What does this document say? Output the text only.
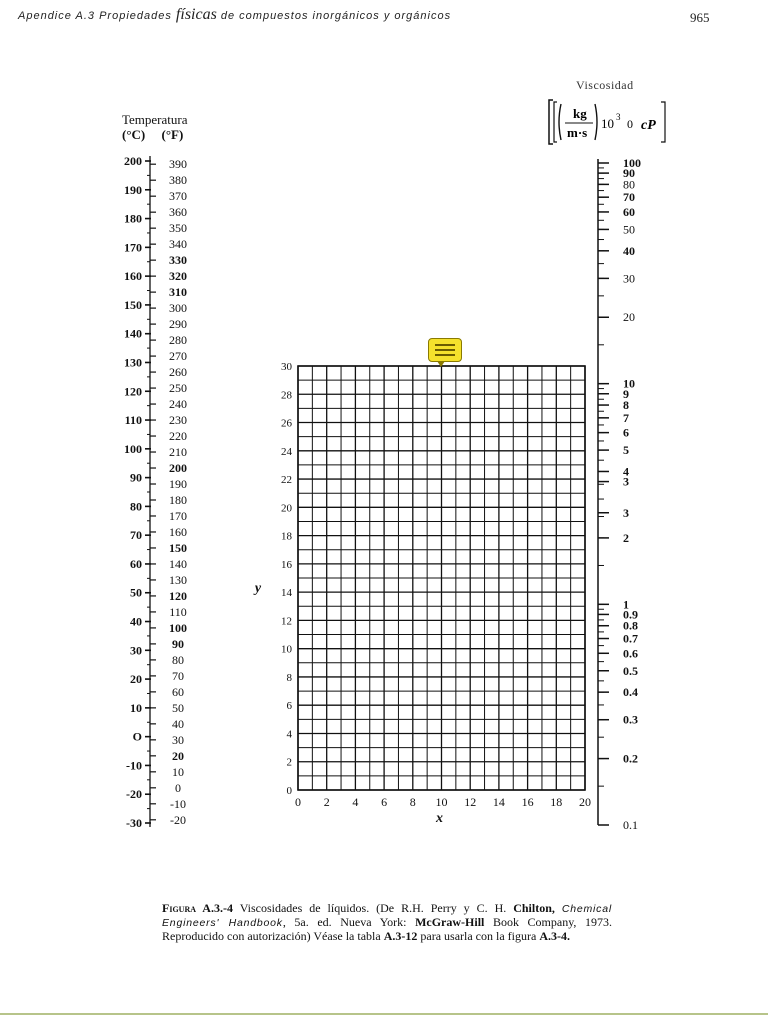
Apendice A.3 Propiedades físicas de compuestos inorgánicos y orgánicos	965
Temperatura
(°C) (°F)
Viscosidad
kg
m·s
10 3 0 cP
200
190
180
170
160
150
140
130
120
110
100
90
80
70
60
50
40
30
20
10
O
-10
-20
-30
390
380
370
360
350
340
330
320
310
300
290
280
270
260
250
240
230
220
210
200
190
180
170
160
150
140
130
120
110
100
90
80
70
60
50
40
30
20
10
0
-10
-20
100
90
80
70
60
50
40
30
20
10
9
8
7
6
5
4
3
3
2
1
0.9
0.8
0.7
0.6
0.5
0.4
0.3
0.2
0.1
0 2 4 6 8 10 12 14 16 18 20
0
2
4
6
8
10
12
14
16
18
20
22
24
26
28
30
x
y
Figura A.3.-4 Viscosidades de líquidos. (De R.H. Perry y C. H. Chilton, Chemical Engineers' Handbook, 5a. ed. Nueva York: McGraw-Hill Book Company, 1973. Reproducido con autorización) Véase la tabla A.3-12 para usarla con la figura A.3-4.
